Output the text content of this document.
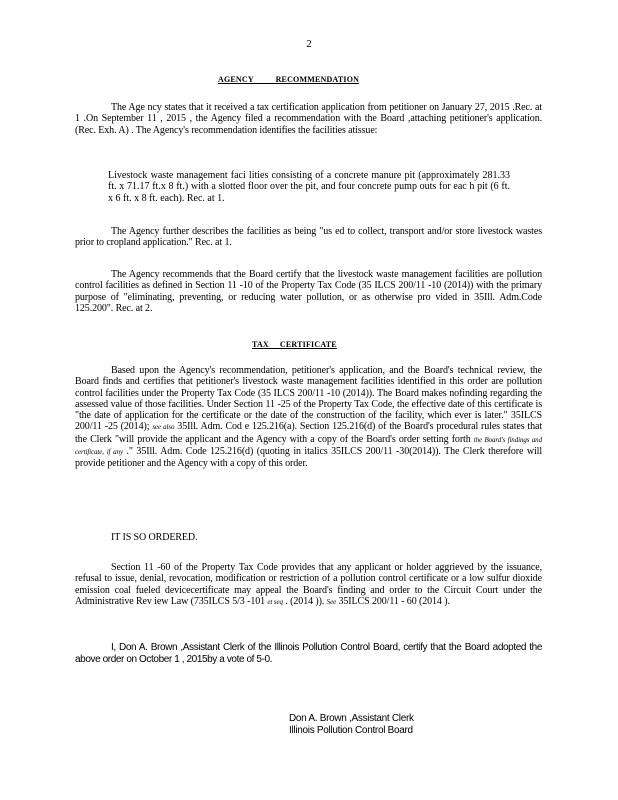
2
AGENCY          RECOMMENDATION
The Age ncy states that it received a tax certification application from petitioner on January 27, 2015 .Rec. at 1 .On September 11 , 2015 , the Agency filed a recommendation with the Board ,attaching petitioner's application. (Rec. Exh. A) . The Agency's recommendation identifies the facilities atissue:
Livestock waste management faci lities consisting of a concrete manure pit (approximately 281.33 ft. x 71.17 ft.x 8 ft.) with a slotted floor over the pit, and four concrete pump outs for eac h pit (6 ft. x 6 ft. x 8 ft. each). Rec. at 1.
The Agency further describes the facilities as being "us ed to collect, transport and/or store livestock wastes prior to cropland application." Rec. at 1.
The Agency recommends that the Board certify that the livestock waste management facilities are pollution control facilities as defined in Section 11 -10 of the Property Tax Code (35 ILCS 200/11 -10 (2014)) with the primary purpose of "eliminating, preventing, or reducing water pollution, or as otherwise pro vided in 35Ill. Adm.Code 125.200". Rec. at 2.
TAX     CERTIFICATE
Based upon the Agency's recommendation, petitioner's application, and the Board's technical review, the Board finds and certifies that petitioner's livestock waste management facilities identified in this order are pollution control facilities under the Property Tax Code (35 ILCS 200/11 -10 (2014)). The Board makes nofinding regarding the assessed value of those facilities. Under Section 11 -25 of the Property Tax Code, the effective date of this certificate is "the date of application for the certificate or the date of the construction of the facility, which ever is later." 35ILCS 200/11 -25 (2014); see also 35Ill. Adm. Cod e 125.216(a). Section 125.216(d) of the Board's procedural rules states that the Clerk "will provide the applicant and the Agency with a copy of the Board's order setting forth the Board's findings and certificate, if any ." 35Ill. Adm. Code 125.216(d) (quoting in italics 35ILCS 200/11 -30(2014)). The Clerk therefore will provide petitioner and the Agency with a copy of this order.
IT IS SO ORDERED.
Section 11 -60 of the Property Tax Code provides that any applicant or holder aggrieved by the issuance, refusal to issue, denial, revocation, modification or restriction of a pollution control certificate or a low sulfur dioxide emission coal fueled devicecertificate may appeal the Board's finding and order to the Circuit Court under the Administrative Rev iew Law (735ILCS 5/3 -101 et seq . (2014 )). See 35ILCS 200/11 - 60 (2014 ).
I, Don A. Brown ,Assistant Clerk of the Illinois Pollution Control Board, certify that the Board adopted the above order on October 1 , 2015by a vote of 5-0.
Don A. Brown ,Assistant Clerk
Illinois Pollution Control Board
